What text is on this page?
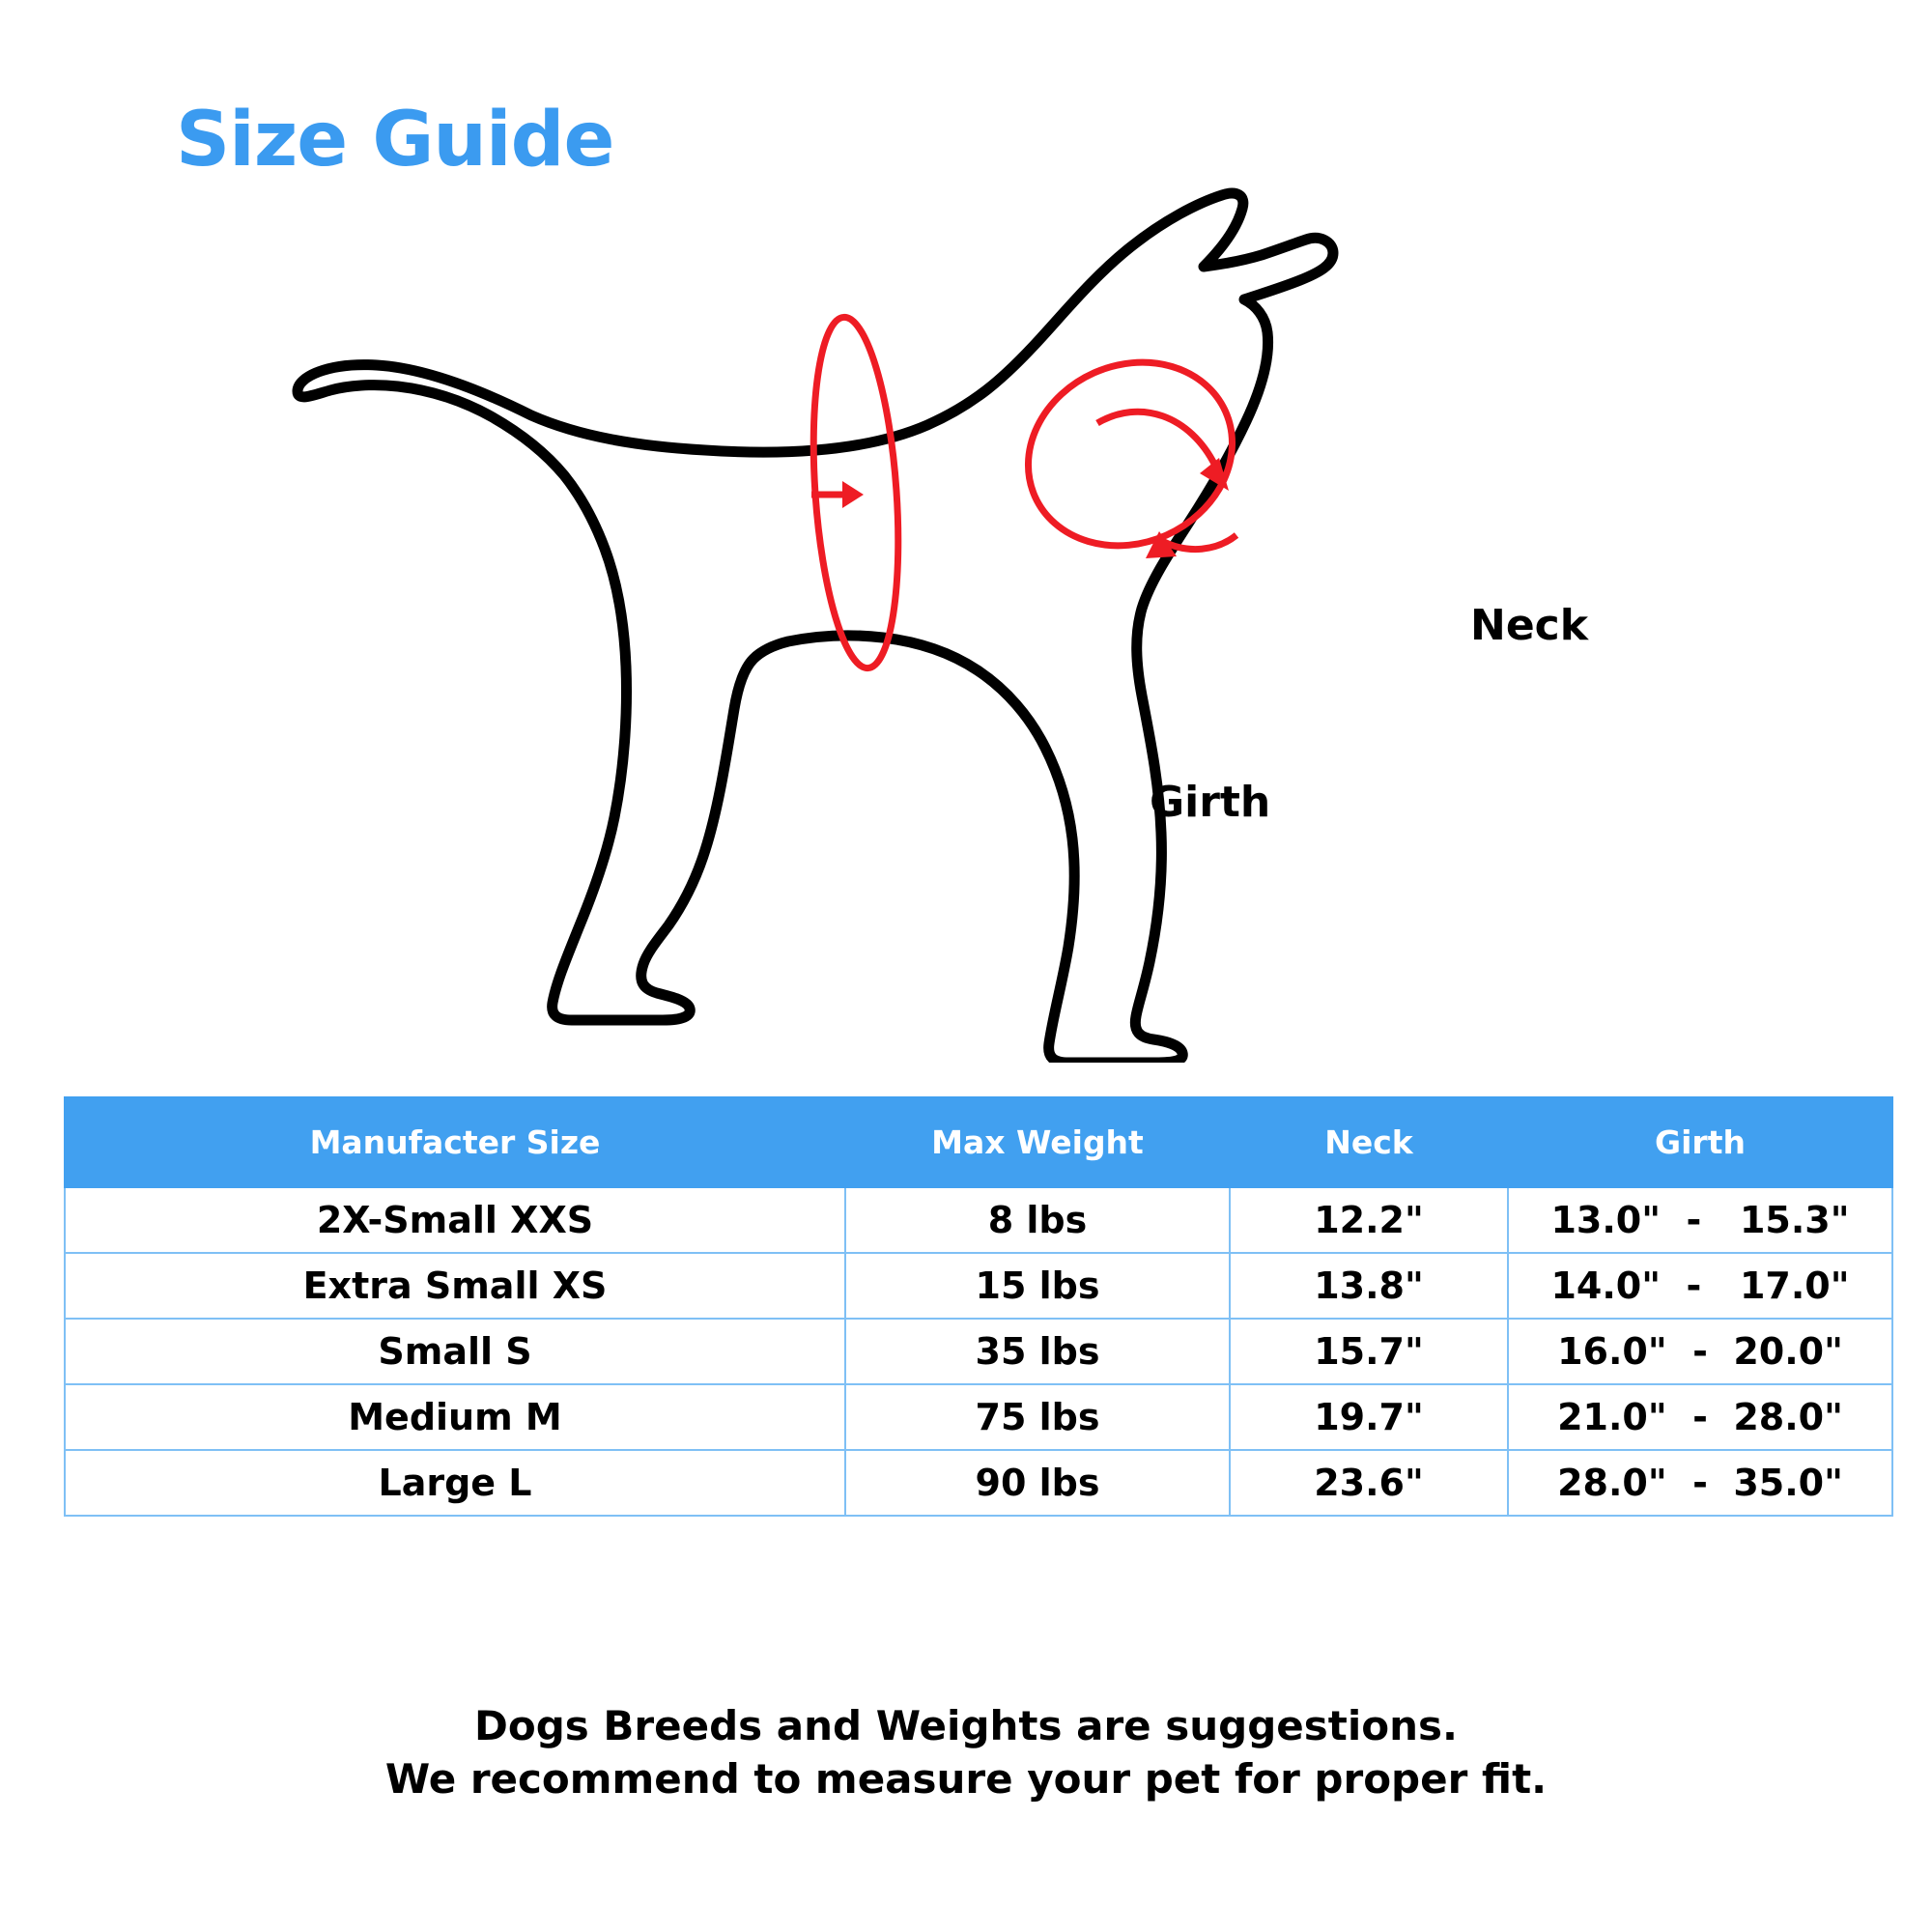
Size Guide
Neck
Girth
Manufacter Size	Max Weight	Neck	Girth
2X-Small XXS	8 lbs	12.2"	13.0"  -   15.3"
Extra Small XS	15 lbs	13.8"	14.0"  -   17.0"
Small S	35 lbs	15.7"	16.0"  -  20.0"
Medium M	75 lbs	19.7"	21.0"  -  28.0"
Large L	90 lbs	23.6"	28.0"  -  35.0"
Dogs Breeds and Weights are suggestions.
We recommend to measure your pet for proper fit.
